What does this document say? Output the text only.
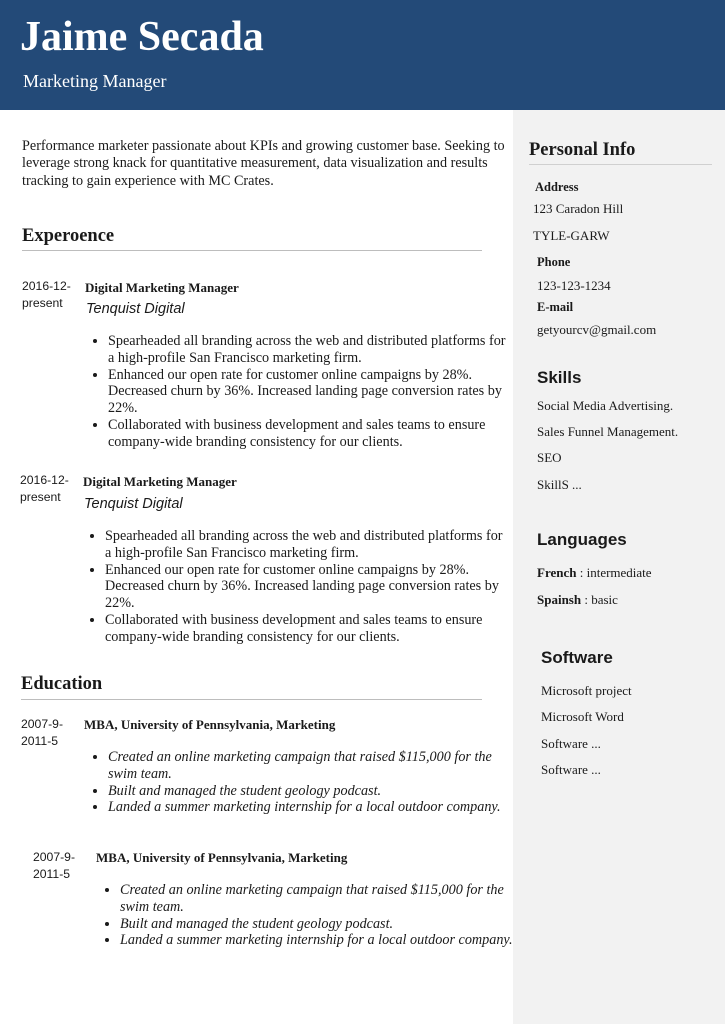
Jaime Secada
Marketing Manager
Performance marketer passionate about KPIs and growing customer base. Seeking to leverage strong knack for quantitative measurement, data visualization and results tracking to gain experience with MC Crates.
Experoence
2016-12-
present
Digital Marketing Manager
Tenquist Digital
• Spearheaded all branding across the web and distributed platforms for a high-profile San Francisco marketing firm.
• Enhanced our open rate for customer online campaigns by 28%. Decreased churn by 36%. Increased landing page conversion rates by 22%.
• Collaborated with business development and sales teams to ensure company-wide branding consistency for our clients.
2016-12-
present
Digital Marketing Manager
Tenquist Digital
• Spearheaded all branding across the web and distributed platforms for a high-profile San Francisco marketing firm.
• Enhanced our open rate for customer online campaigns by 28%. Decreased churn by 36%. Increased landing page conversion rates by 22%.
• Collaborated with business development and sales teams to ensure company-wide branding consistency for our clients.
Education
2007-9-
2011-5
MBA, University of Pennsylvania, Marketing
• Created an online marketing campaign that raised $115,000 for the swim team.
• Built and managed the student geology podcast.
• Landed a summer marketing internship for a local outdoor company.
2007-9-
2011-5
MBA, University of Pennsylvania, Marketing
• Created an online marketing campaign that raised $115,000 for the swim team.
• Built and managed the student geology podcast.
• Landed a summer marketing internship for a local outdoor company.
Personal Info
Address
123 Caradon Hill
TYLE-GARW
Phone
123-123-1234
E-mail
getyourcv@gmail.com
Skills
Social Media Advertising.
Sales Funnel Management.
SEO
SkillS ...
Languages
French : intermediate
Spainsh : basic
Software
Microsoft project
Microsoft Word
Software ...
Software ...
